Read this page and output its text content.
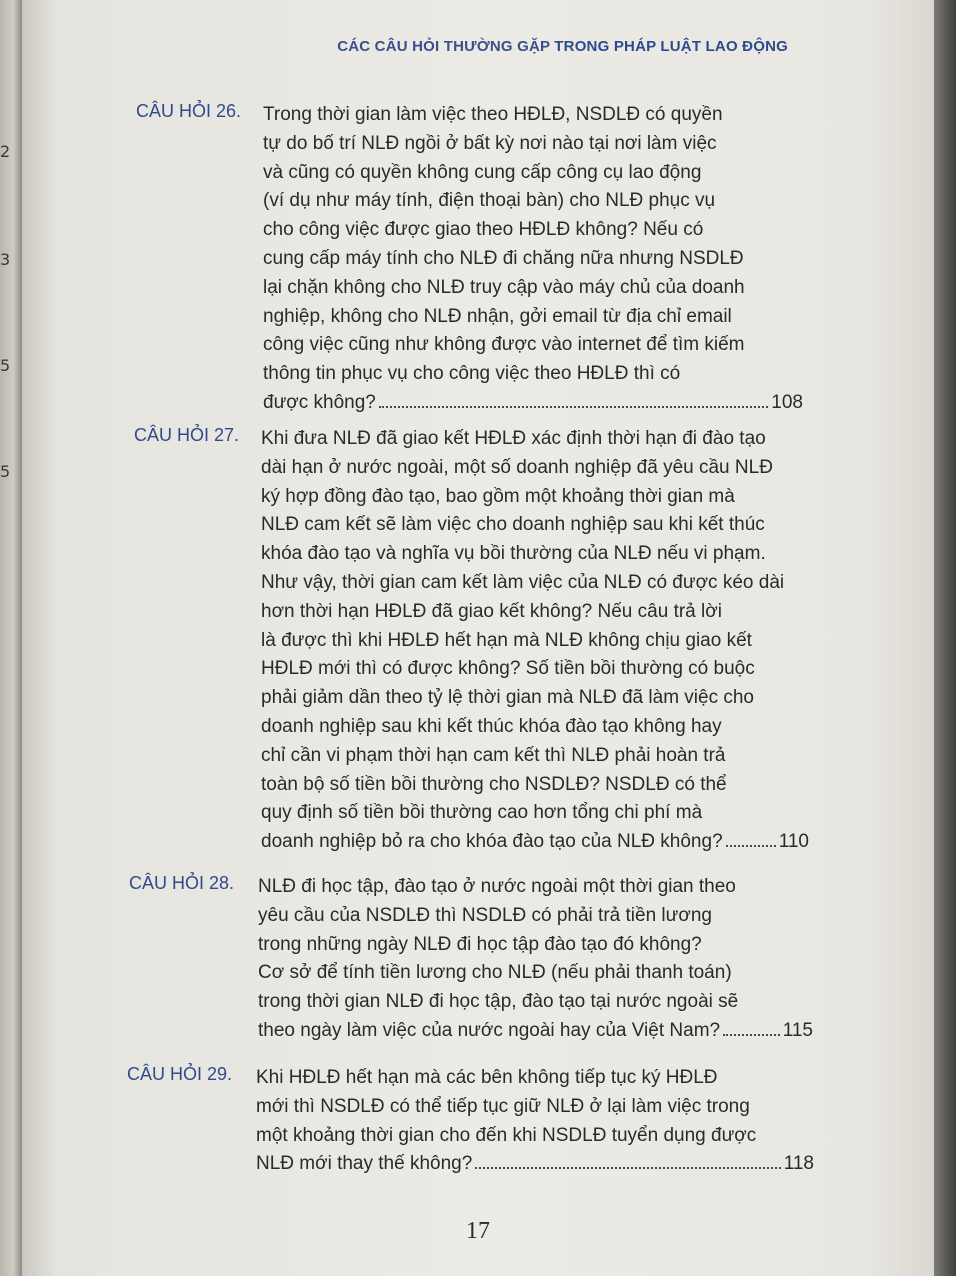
2
3
5
5
CÁC CÂU HỎI THƯỜNG GẶP TRONG PHÁP LUẬT LAO ĐỘNG
CÂU HỎI 26. Trong thời gian làm việc theo HĐLĐ, NSDLĐ có quyền
tự do bố trí NLĐ ngồi ở bất kỳ nơi nào tại nơi làm việc
và cũng có quyền không cung cấp công cụ lao động
(ví dụ như máy tính, điện thoại bàn) cho NLĐ phục vụ
cho công việc được giao theo HĐLĐ không? Nếu có
cung cấp máy tính cho NLĐ đi chăng nữa nhưng NSDLĐ
lại chặn không cho NLĐ truy cập vào máy chủ của doanh
nghiệp, không cho NLĐ nhận, gởi email từ địa chỉ email
công việc cũng như không được vào internet để tìm kiếm
thông tin phục vụ cho công việc theo HĐLĐ thì có
được không?	108
CÂU HỎI 27. Khi đưa NLĐ đã giao kết HĐLĐ xác định thời hạn đi đào tạo
dài hạn ở nước ngoài, một số doanh nghiệp đã yêu cầu NLĐ
ký hợp đồng đào tạo, bao gồm một khoảng thời gian mà
NLĐ cam kết sẽ làm việc cho doanh nghiệp sau khi kết thúc
khóa đào tạo và nghĩa vụ bồi thường của NLĐ nếu vi phạm.
Như vậy, thời gian cam kết làm việc của NLĐ có được kéo dài
hơn thời hạn HĐLĐ đã giao kết không? Nếu câu trả lời
là được thì khi HĐLĐ hết hạn mà NLĐ không chịu giao kết
HĐLĐ mới thì có được không? Số tiền bồi thường có buộc
phải giảm dần theo tỷ lệ thời gian mà NLĐ đã làm việc cho
doanh nghiệp sau khi kết thúc khóa đào tạo không hay
chỉ cần vi phạm thời hạn cam kết thì NLĐ phải hoàn trả
toàn bộ số tiền bồi thường cho NSDLĐ? NSDLĐ có thể
quy định số tiền bồi thường cao hơn tổng chi phí mà
doanh nghiệp bỏ ra cho khóa đào tạo của NLĐ không?	110
CÂU HỎI 28. NLĐ đi học tập, đào tạo ở nước ngoài một thời gian theo
yêu cầu của NSDLĐ thì NSDLĐ có phải trả tiền lương
trong những ngày NLĐ đi học tập đào tạo đó không?
Cơ sở để tính tiền lương cho NLĐ (nếu phải thanh toán)
trong thời gian NLĐ đi học tập, đào tạo tại nước ngoài sẽ
theo ngày làm việc của nước ngoài hay của Việt Nam?	115
CÂU HỎI 29. Khi HĐLĐ hết hạn mà các bên không tiếp tục ký HĐLĐ
mới thì NSDLĐ có thể tiếp tục giữ NLĐ ở lại làm việc trong
một khoảng thời gian cho đến khi NSDLĐ tuyển dụng được
NLĐ mới thay thế không?	118
17
